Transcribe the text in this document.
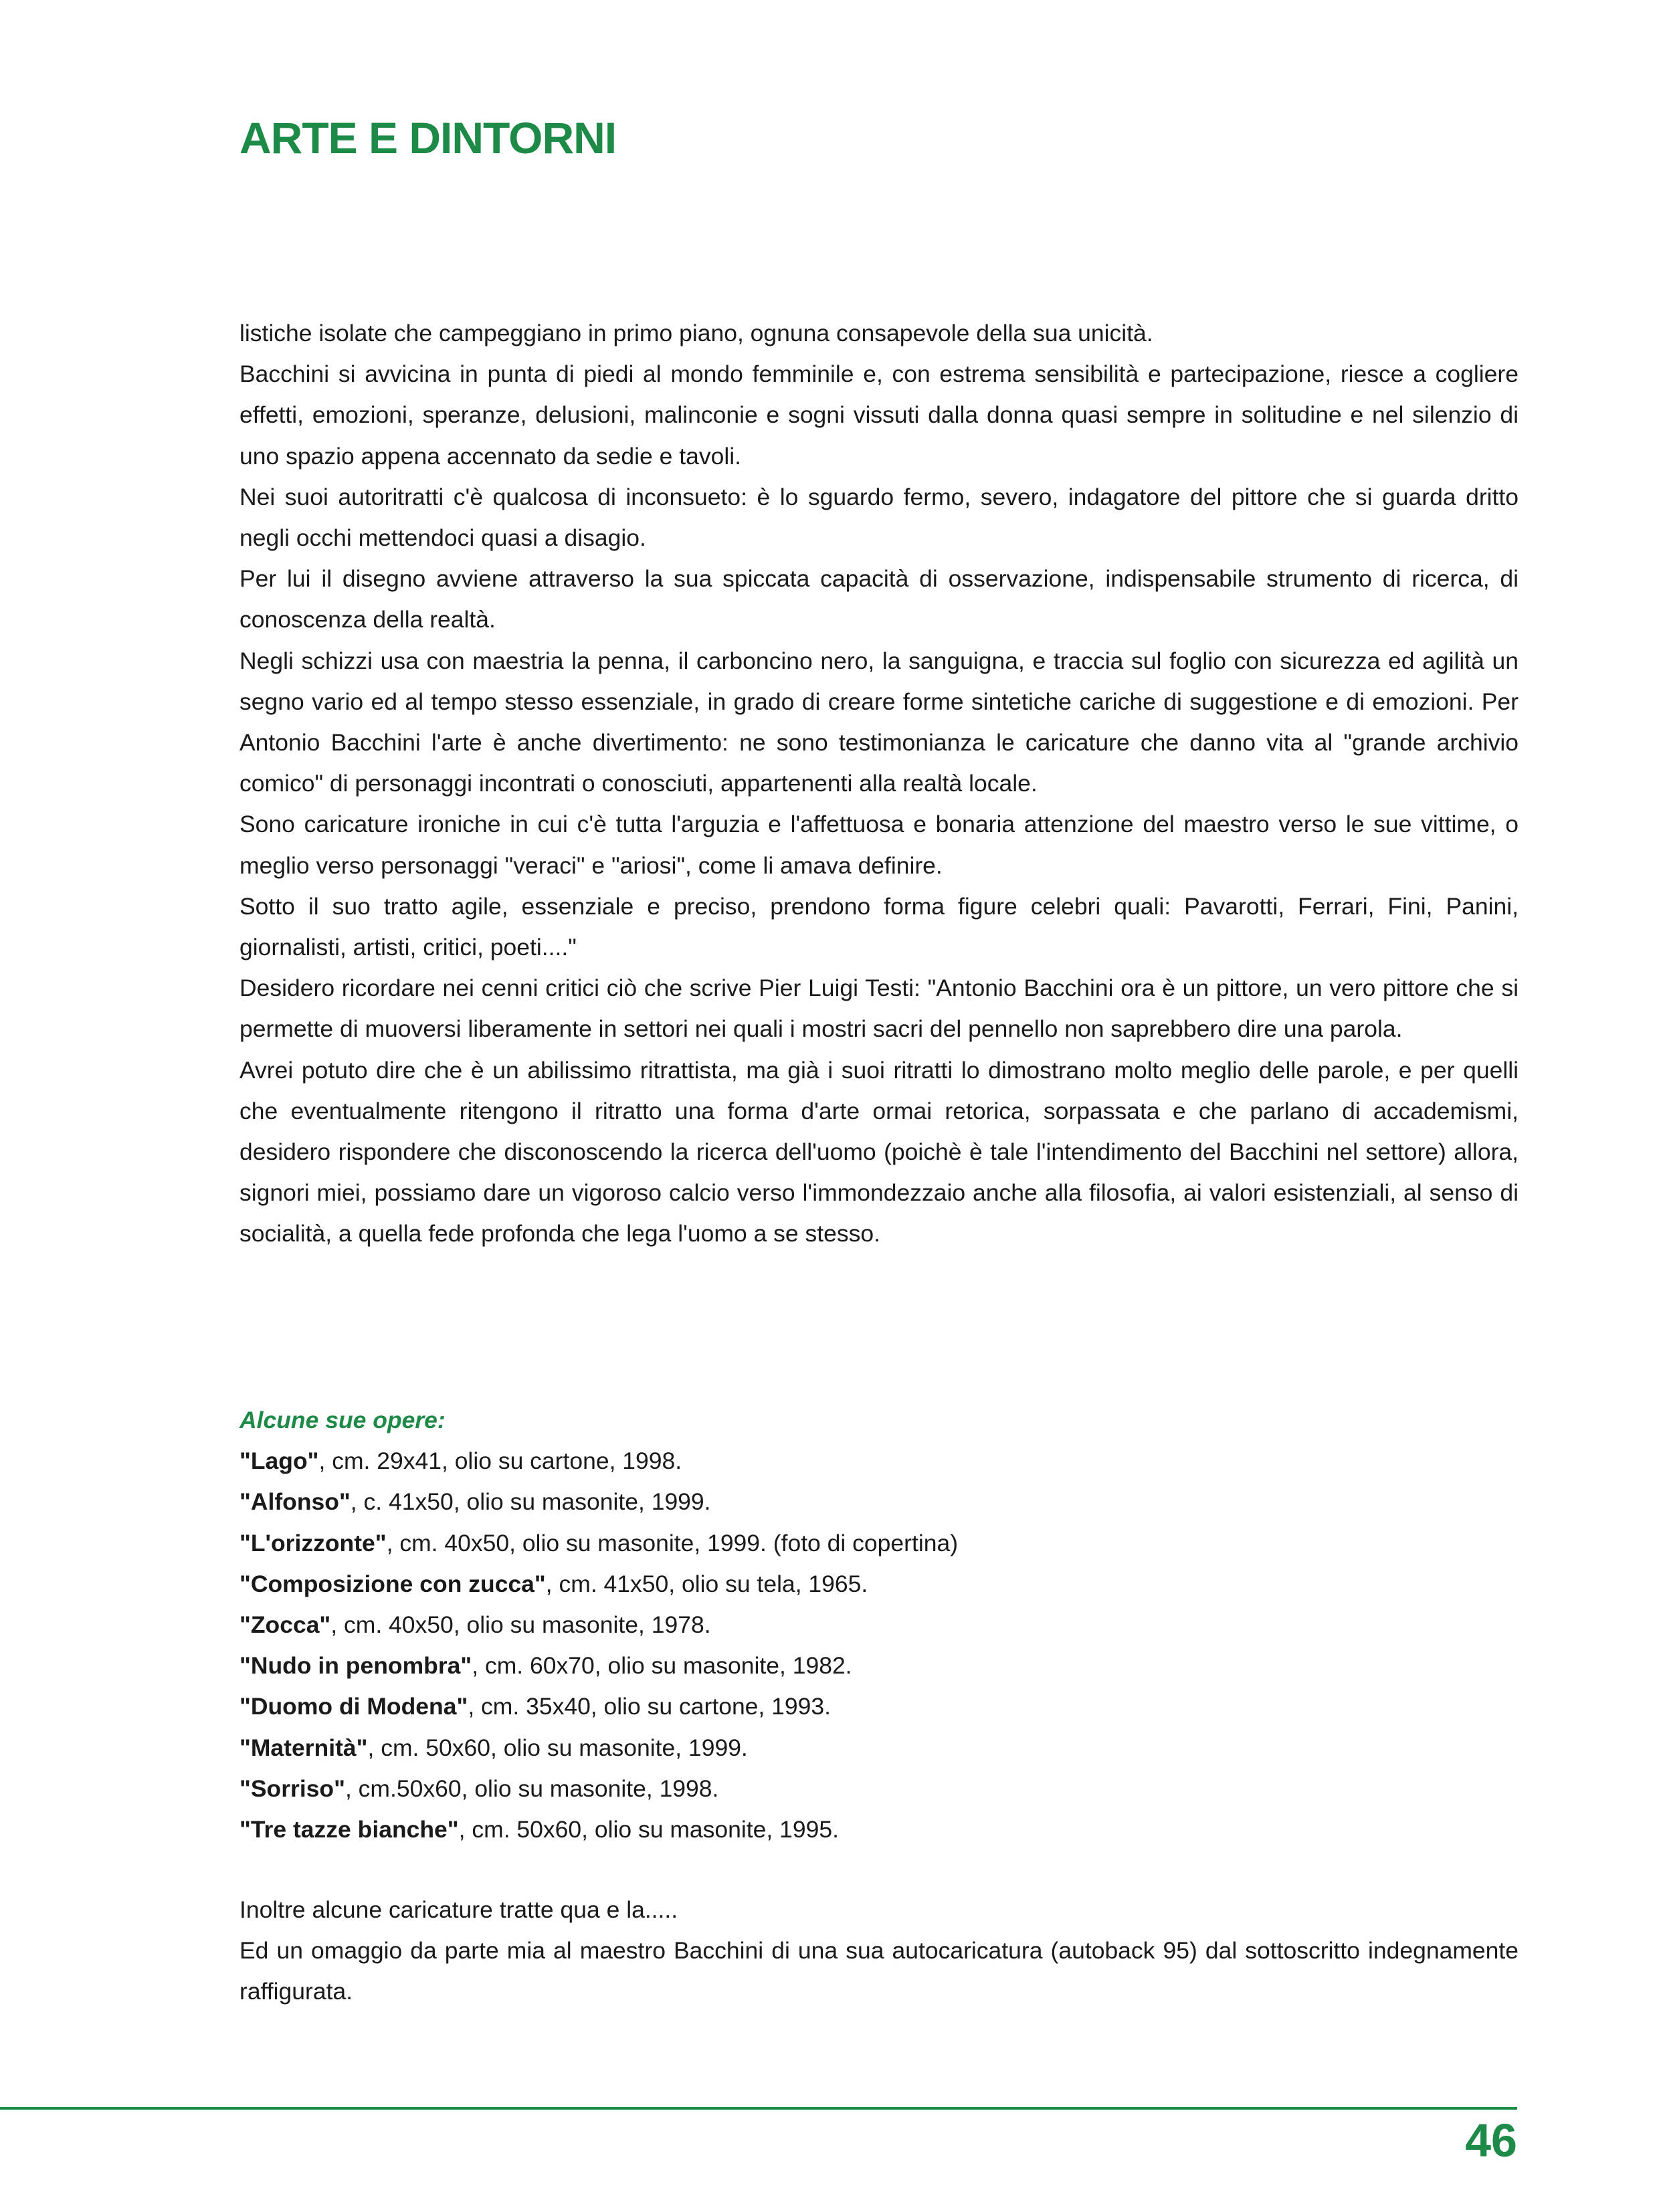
ARTE E DINTORNI

listiche isolate che campeggiano in primo piano, ognuna consapevole della sua unicità.

Bacchini si avvicina in punta di piedi al mondo femminile e, con estrema sensibilità e partecipazione, riesce a cogliere effetti, emozioni, speranze, delusioni, malinconie e sogni vissuti dalla donna quasi sempre in solitudine e nel silenzio di uno spazio appena accennato da sedie e tavoli.

Nei suoi autoritratti c'è qualcosa di inconsueto: è lo sguardo fermo, severo, indagatore del pittore che si guarda dritto negli occhi mettendoci quasi a disagio.

Per lui il disegno avviene attraverso la sua spiccata capacità di osservazione, indispensabile strumento di ricerca, di conoscenza della realtà.

Negli schizzi usa con maestria la penna, il carboncino nero, la sanguigna, e traccia sul foglio con sicurezza ed agilità un segno vario ed al tempo stesso essenziale, in grado di creare forme sintetiche cariche di suggestione e di emozioni. Per Antonio Bacchini l'arte è anche divertimento: ne sono testimonianza le caricature che danno vita al "grande archivio comico" di personaggi incontrati o conosciuti, appartenenti alla realtà locale.

Sono caricature ironiche in cui c'è tutta l'arguzia e l'affettuosa e bonaria attenzione del maestro verso le sue vittime, o meglio verso personaggi "veraci" e "ariosi", come li amava definire.

Sotto il suo tratto agile, essenziale e preciso, prendono forma figure celebri quali: Pavarotti, Ferrari, Fini, Panini, giornalisti, artisti, critici, poeti...."

Desidero ricordare nei cenni critici ciò che scrive Pier Luigi Testi: "Antonio Bacchini ora è un pittore, un vero pittore che si permette di muoversi liberamente in settori nei quali i mostri sacri del pennello non saprebbero dire una parola.

Avrei potuto dire che è un abilissimo ritrattista, ma già i suoi ritratti lo dimostrano molto meglio delle parole, e per quelli che eventualmente ritengono il ritratto una forma d'arte ormai retorica, sorpassata e che parlano di accademismi, desidero rispondere che disconoscendo la ricerca dell'uomo (poichè è tale l'intendimento del Bacchini nel settore) allora, signori miei, possiamo dare un vigoroso calcio verso l'immondezzaio anche alla filosofia, ai valori esistenziali, al senso di socialità, a quella fede profonda che lega l'uomo a se stesso.

Alcune sue opere:

"Lago", cm. 29x41, olio su cartone, 1998.
"Alfonso", c. 41x50, olio su masonite, 1999.
"L'orizzonte", cm. 40x50, olio su masonite, 1999. (foto di copertina)
"Composizione con zucca", cm. 41x50, olio su tela, 1965.
"Zocca", cm. 40x50, olio su masonite, 1978.
"Nudo in penombra", cm. 60x70, olio su masonite, 1982.
"Duomo di Modena", cm. 35x40, olio su cartone, 1993.
"Maternità", cm. 50x60, olio su masonite, 1999.
"Sorriso", cm.50x60, olio su masonite, 1998.
"Tre tazze bianche", cm. 50x60, olio su masonite, 1995.

Inoltre alcune caricature tratte qua e la.....

Ed un omaggio da parte mia al maestro Bacchini di una sua autocaricatura (autoback 95) dal sottoscritto indegnamente raffigurata.

46
